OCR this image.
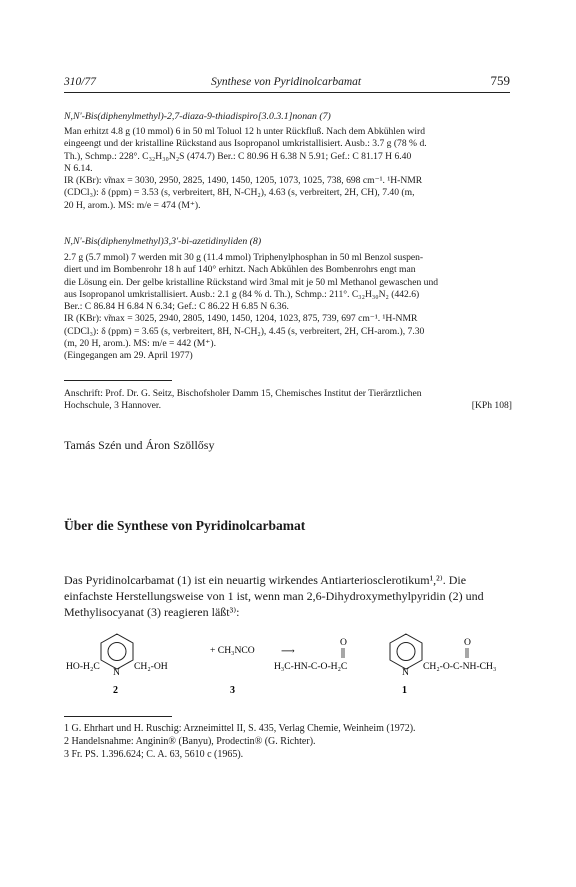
310/77	Synthese von Pyridinolcarbamat	759
N,N'-Bis(diphenylmethyl)-2,7-diaza-9-thiadispiro[3.0.3.1]nonan (7)
Man erhitzt 4.8 g (10 mmol) 6 in 50 ml Toluol 12 h unter Rückfluß. Nach dem Abkühlen wird
eingeengt und der kristalline Rückstand aus Isopropanol umkristallisiert. Ausb.: 3.7 g (78 % d.
Th.), Schmp.: 228°. C₃₂H₃₀N₂S (474.7) Ber.: C 80.96 H 6.38 N 5.91; Gef.: C 81.17 H 6.40
N 6.14.
IR (KBr): ν̃max = 3030, 2950, 2825, 1490, 1450, 1205, 1073, 1025, 738, 698 cm⁻¹. ¹H-NMR
(CDCl₃): δ (ppm) = 3.53 (s, verbreitert, 8H, N-CH₂), 4.63 (s, verbreitert, 2H, CH), 7.40 (m,
20 H, arom.). MS: m/e = 474 (M⁺).
N,N'-Bis(diphenylmethyl)3,3'-bi-azetidinyliden (8)
2.7 g (5.7 mmol) 7 werden mit 30 g (11.4 mmol) Triphenylphosphan in 50 ml Benzol suspen-
diert und im Bombenrohr 18 h auf 140° erhitzt. Nach Abkühlen des Bombenrohrs engt man
die Lösung ein. Der gelbe kristalline Rückstand wird 3mal mit je 50 ml Methanol gewaschen und
aus Isopropanol umkristallisiert. Ausb.: 2.1 g (84 % d. Th.), Schmp.: 211°. C₃₂H₃₀N₂ (442.6)
Ber.: C 86.84 H 6.84 N 6.34; Gef.: C 86.22 H 6.85 N 6.36.
IR (KBr): ν̃max = 3025, 2940, 2805, 1490, 1450, 1204, 1023, 875, 739, 697 cm⁻¹. ¹H-NMR
(CDCl₃): δ (ppm) = 3.65 (s, verbreitert, 8H, N-CH₂), 4.45 (s, verbreitert, 2H, CH-arom.), 7.30
(m, 20 H, arom.). MS: m/e = 442 (M⁺).
(Eingegangen am 29. April 1977)
Anschrift: Prof. Dr. G. Seitz, Bischofsholer Damm 15, Chemisches Institut der Tierärztlichen
Hochschule, 3 Hannover.	[KPh 108]
Tamás Szén und Áron Szöllősy
Über die Synthese von Pyridinolcarbamat
Das Pyridinolcarbamat (1) ist ein neuartig wirkendes Antiarteriosclerotikum¹,²⁾. Die
einfachste Herstellungsweise von 1 ist, wenn man 2,6-Dihydroxymethylpyridin (2) und
Methylisocyanat (3) reagieren läßt³⁾:
N
HO-H₂C	CH₂-OH
2
+ CH₃NCO	⟶
3
N
H₃C-HN-C-O-H₂C	CH₂-O-C-NH-CH₃
O	O
1
1 G. Ehrhart und H. Ruschig: Arzneimittel II, S. 435, Verlag Chemie, Weinheim (1972).
2 Handelsnahme: Anginin® (Banyu), Prodectin® (G. Richter).
3 Fr. PS. 1.396.624; C. A. 63, 5610 c (1965).
